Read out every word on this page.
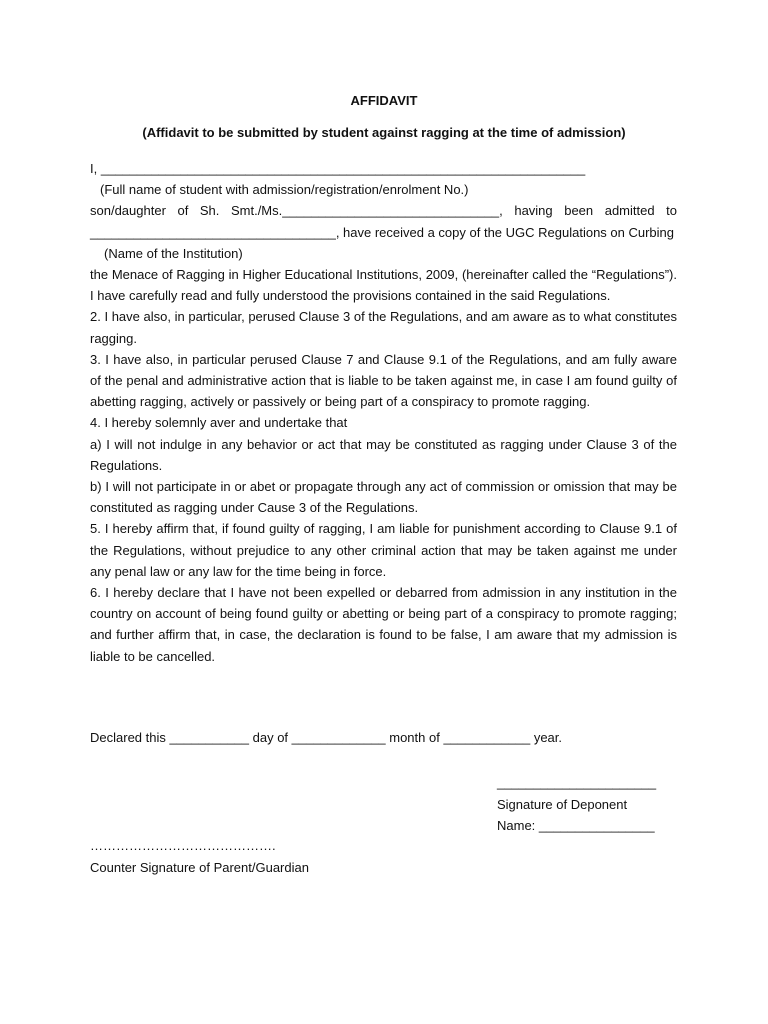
AFFIDAVIT
(Affidavit to be submitted by student against ragging at the time of admission)
I, ___________________________________________________________________
(Full name of student with admission/registration/enrolment No.)
son/daughter of Sh. Smt./Ms.______________________________, having been admitted to
__________________________________, have received a copy of the UGC Regulations on Curbing
(Name of the Institution)
the Menace of Ragging in Higher Educational Institutions, 2009, (hereinafter called the “Regulations”). I have carefully read and fully understood the provisions contained in the said Regulations.
2. I have also, in particular, perused Clause 3 of the Regulations, and am aware as to what constitutes ragging.
3. I have also, in particular perused Clause 7 and Clause 9.1 of the Regulations, and am fully aware of the penal and administrative action that is liable to be taken against me, in case I am found guilty of abetting ragging, actively or passively or being part of a conspiracy to promote ragging.
4. I hereby solemnly aver and undertake that
a) I will not indulge in any behavior or act that may be constituted as ragging under Clause 3 of the Regulations.
b) I will not participate in or abet or propagate through any act of commission or omission that may be constituted as ragging under Cause 3 of the Regulations.
5. I hereby affirm that, if found guilty of ragging, I am liable for punishment according to Clause 9.1 of the Regulations, without prejudice to any other criminal action that may be taken against me under any penal law or any law for the time being in force.
6. I hereby declare that I have not been expelled or debarred from admission in any institution in the country on account of being found guilty or abetting or being part of a conspiracy to promote ragging; and further affirm that, in case, the declaration is found to be false, I am aware that my admission is liable to be cancelled.
Declared this ___________ day of _____________ month of ____________ year.
______________________
Signature of Deponent
Name: ________________
…………………………………….
Counter Signature of Parent/Guardian
